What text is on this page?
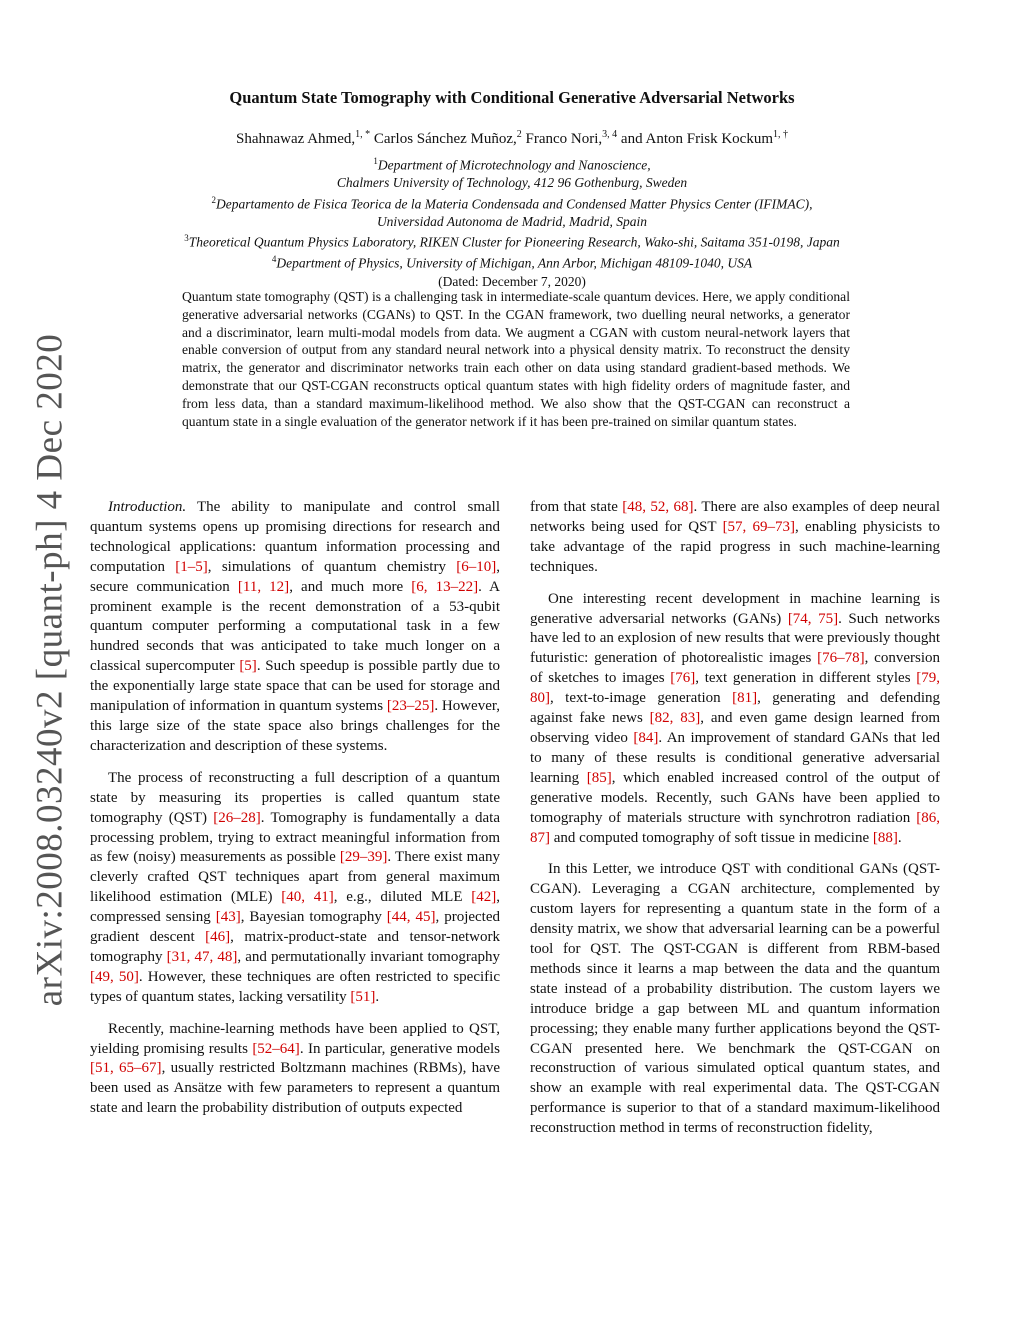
arXiv:2008.03240v2 [quant-ph] 4 Dec 2020
Quantum State Tomography with Conditional Generative Adversarial Networks
Shahnawaz Ahmed,$^{1, *}$ Carlos Sánchez Muñoz,$^2$ Franco Nori,$^{3, 4}$ and Anton Frisk Kockum$^{1, \dagger}$
$^1$Department of Microtechnology and Nanoscience,
Chalmers University of Technology, 412 96 Gothenburg, Sweden
$^2$Departamento de Fisica Teorica de la Materia Condensada and Condensed Matter Physics Center (IFIMAC),
Universidad Autonoma de Madrid, Madrid, Spain
$^3$Theoretical Quantum Physics Laboratory, RIKEN Cluster for Pioneering Research, Wako-shi, Saitama 351-0198, Japan
$^4$Department of Physics, University of Michigan, Ann Arbor, Michigan 48109-1040, USA
(Dated: December 7, 2020)
Quantum state tomography (QST) is a challenging task in intermediate-scale quantum devices. Here, we apply conditional generative adversarial networks (CGANs) to QST. In the CGAN framework, two duelling neural networks, a generator and a discriminator, learn multi-modal models from data. We augment a CGAN with custom neural-network layers that enable conversion of output from any standard neural network into a physical density matrix. To reconstruct the density matrix, the generator and discriminator networks train each other on data using standard gradient-based methods. We demonstrate that our QST-CGAN reconstructs optical quantum states with high fidelity orders of magnitude faster, and from less data, than a standard maximum-likelihood method. We also show that the QST-CGAN can reconstruct a quantum state in a single evaluation of the generator network if it has been pre-trained on similar quantum states.

Introduction. The ability to manipulate and control small quantum systems opens up promising directions for research and technological applications: quantum information processing and computation [1–5], simulations of quantum chemistry [6–10], secure communication [11, 12], and much more [6, 13–22]. A prominent example is the recent demonstration of a 53-qubit quantum computer performing a computational task in a few hundred seconds that was anticipated to take much longer on a classical supercomputer [5]. Such speedup is possible partly due to the exponentially large state space that can be used for storage and manipulation of information in quantum systems [23–25]. However, this large size of the state space also brings challenges for the characterization and description of these systems.

The process of reconstructing a full description of a quantum state by measuring its properties is called quantum state tomography (QST) [26–28]. Tomography is fundamentally a data processing problem, trying to extract meaningful information from as few (noisy) measurements as possible [29–39]. There exist many cleverly crafted QST techniques apart from general maximum likelihood estimation (MLE) [40, 41], e.g., diluted MLE [42], compressed sensing [43], Bayesian tomography [44, 45], projected gradient descent [46], matrix-product-state and tensor-network tomography [31, 47, 48], and permutationally invariant tomography [49, 50]. However, these techniques are often restricted to specific types of quantum states, lacking versatility [51].

Recently, machine-learning methods have been applied to QST, yielding promising results [52–64]. In particular, generative models [51, 65–67], usually restricted Boltzmann machines (RBMs), have been used as Ansätze with few parameters to represent a quantum state and learn the probability distribution of outputs expected

from that state [48, 52, 68]. There are also examples of deep neural networks being used for QST [57, 69–73], enabling physicists to take advantage of the rapid progress in such machine-learning techniques.

One interesting recent development in machine learning is generative adversarial networks (GANs) [74, 75]. Such networks have led to an explosion of new results that were previously thought futuristic: generation of photorealistic images [76–78], conversion of sketches to images [76], text generation in different styles [79, 80], text-to-image generation [81], generating and defending against fake news [82, 83], and even game design learned from observing video [84]. An improvement of standard GANs that led to many of these results is conditional generative adversarial learning [85], which enabled increased control of the output of generative models. Recently, such GANs have been applied to tomography of materials structure with synchrotron radiation [86, 87] and computed tomography of soft tissue in medicine [88].

In this Letter, we introduce QST with conditional GANs (QST-CGAN). Leveraging a CGAN architecture, complemented by custom layers for representing a quantum state in the form of a density matrix, we show that adversarial learning can be a powerful tool for QST. The QST-CGAN is different from RBM-based methods since it learns a map between the data and the quantum state instead of a probability distribution. The custom layers we introduce bridge a gap between ML and quantum information processing; they enable many further applications beyond the QST-CGAN presented here. We benchmark the QST-CGAN on reconstruction of various simulated optical quantum states, and show an example with real experimental data. The QST-CGAN performance is superior to that of a standard maximum-likelihood reconstruction method in terms of reconstruction fidelity,
